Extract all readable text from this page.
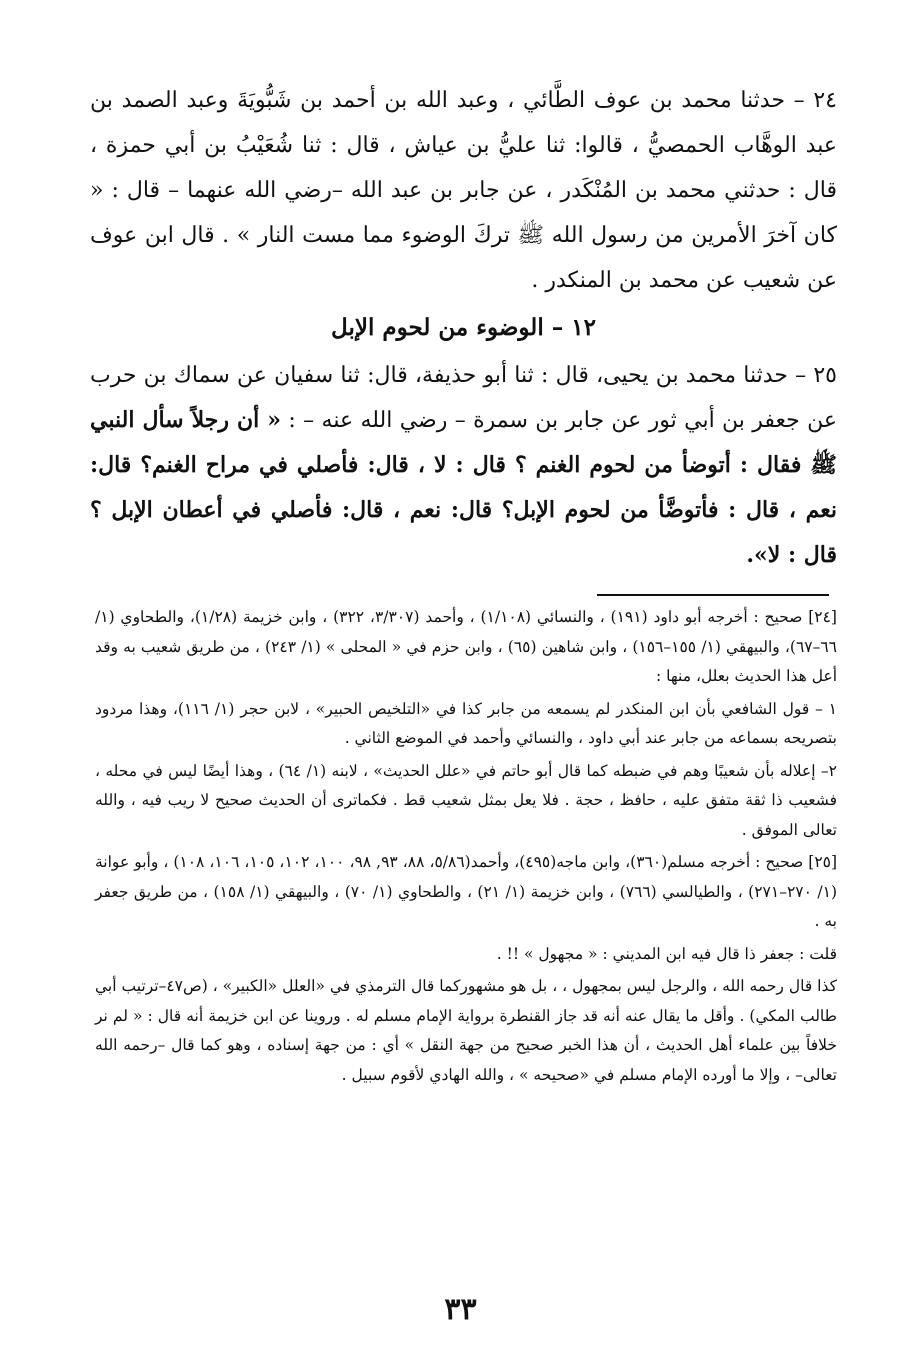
٢٤ – حدثنا محمد بن عوف الطَّائي ، وعبد الله بن أحمد بن شَبُّويَةَ وعبد الصمد بن عبد الوهَّاب الحمصيُّ ، قالوا: ثنا عليُّ بن عياش ، قال : ثنا شُعَيْبُ بن أبي حمزة ، قال : حدثني محمد بن المُنْكَدر ، عن جابر بن عبد الله –رضي الله عنهما – قال : « كان آخرَ الأمرين من رسول الله ﷺ تركَ الوضوء مما مست النار » . قال ابن عوف عن شعيب عن محمد بن المنكدر .

١٢ – الوضوء من لحوم الإبل

٢٥ – حدثنا محمد بن يحيى، قال : ثنا أبو حذيفة، قال: ثنا سفيان عن سماك بن حرب عن جعفر بن أبي ثور عن جابر بن سمرة – رضي الله عنه – : « أن رجلاً سأل النبي ﷺ فقال : أتوضأ من لحوم الغنم ؟ قال : لا ، قال: فأصلي في مراح الغنم؟ قال: نعم ، قال : فأتوضَّأ من لحوم الإبل؟ قال: نعم ، قال: فأصلي في أعطان الإبل ؟ قال : لا».

[٢٤] صحيح : أخرجه أبو داود (١٩١) ، والنسائي (١/١٠٨) ، وأحمد (٣/٣٠٧، ٣٢٢) ، وابن خزيمة (١/٢٨)، والطحاوي (١/ ٦٦–٦٧)، والبيهقي (١/ ١٥٥–١٥٦) ، وابن شاهين (٦٥) ، وابن حزم في « المحلى » (١/ ٢٤٣) ، من طريق شعيب به وقد أعل هذا الحديث بعلل، منها :

١ – قول الشافعي بأن ابن المنكدر لم يسمعه من جابر كذا في «التلخيص الحبير» ، لابن حجر (١/ ١١٦)، وهذا مردود بتصريحه بسماعه من جابر عند أبي داود ، والنسائي وأحمد في الموضع الثاني .

٢– إعلاله بأن شعيبًا وهم في ضبطه كما قال أبو حاتم في «علل الحديث» ، لابنه (١/ ٦٤) ، وهذا أيضًا ليس في محله ، فشعيب ذا ثقة متفق عليه ، حافظ ، حجة . فلا يعل بمثل شعيب قط . فكماترى أن الحديث صحيح لا ريب فيه ، والله تعالى الموفق .

[٢٥] صحيح : أخرجه مسلم(٣٦٠)، وابن ماجه(٤٩٥)، وأحمد(٥/٨٦، ٨٨، ٩٣, ٩٨، ١٠٠، ١٠٢، ١٠٥، ١٠٦، ١٠٨) ، وأبو عوانة (١/ ٢٧٠–٢٧١) ، والطيالسي (٧٦٦) ، وابن خزيمة (١/ ٢١) ، والطحاوي (١/ ٧٠) ، والبيهقي (١/ ١٥٨) ، من طريق جعفر به .

قلت : جعفر ذا قال فيه ابن المديني : « مجهول » !! .

كذا قال رحمه الله ، والرجل ليس بمجهول ، ، بل هو مشهوركما قال الترمذي في «العلل «الكبير» ، (ص٤٧–ترتيب أبي طالب المكي) . وأقل ما يقال عنه أنه قد جاز القنطرة برواية الإمام مسلم له . وروينا عن ابن خزيمة أنه قال : « لم نر خلافاً بين علماء أهل الحديث ، أن هذا الخبر صحيح من جهة النقل » أي : من جهة إسناده ، وهو كما قال –رحمه الله تعالى– ، وإلا ما أورده الإمام مسلم في «صحيحه » ، والله الهادي لأقوم سبيل .

٣٣
